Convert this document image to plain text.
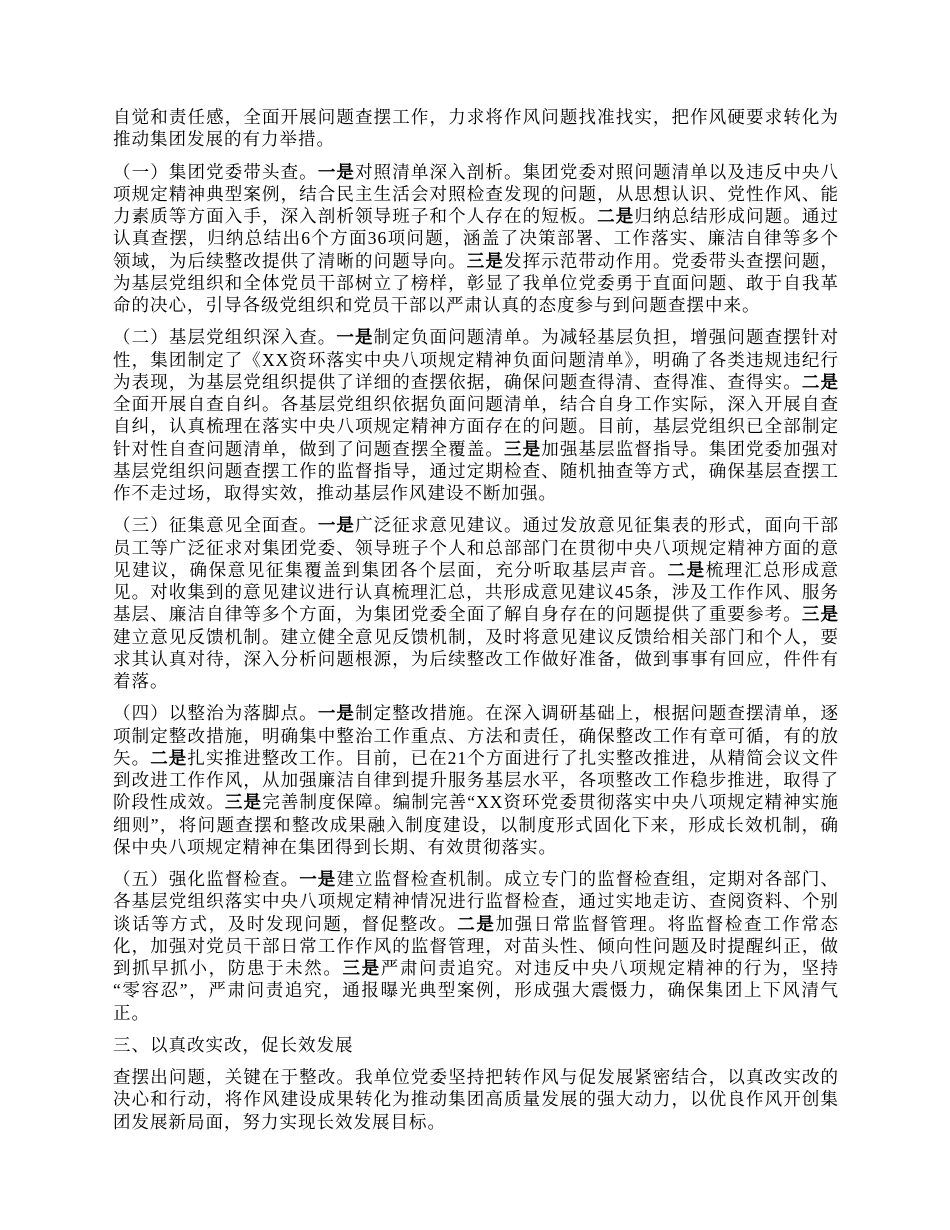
自觉和责任感，全面开展问题查摆工作，力求将作风问题找准找实，把作风硬要求转化为推动集团发展的有力举措。

（一）集团党委带头查。一是对照清单深入剖析。集团党委对照问题清单以及违反中央八项规定精神典型案例，结合民主生活会对照检查发现的问题，从思想认识、党性作风、能力素质等方面入手，深入剖析领导班子和个人存在的短板。二是归纳总结形成问题。通过认真查摆，归纳总结出6个方面36项问题，涵盖了决策部署、工作落实、廉洁自律等多个领域，为后续整改提供了清晰的问题导向。三是发挥示范带动作用。党委带头查摆问题，为基层党组织和全体党员干部树立了榜样，彰显了我单位党委勇于直面问题、敢于自我革命的决心，引导各级党组织和党员干部以严肃认真的态度参与到问题查摆中来。

（二）基层党组织深入查。一是制定负面问题清单。为减轻基层负担，增强问题查摆针对性，集团制定了《XX资环落实中央八项规定精神负面问题清单》，明确了各类违规违纪行为表现，为基层党组织提供了详细的查摆依据，确保问题查得清、查得准、查得实。二是全面开展自查自纠。各基层党组织依据负面问题清单，结合自身工作实际，深入开展自查自纠，认真梳理在落实中央八项规定精神方面存在的问题。目前，基层党组织已全部制定针对性自查问题清单，做到了问题查摆全覆盖。三是加强基层监督指导。集团党委加强对基层党组织问题查摆工作的监督指导，通过定期检查、随机抽查等方式，确保基层查摆工作不走过场，取得实效，推动基层作风建设不断加强。

（三）征集意见全面查。一是广泛征求意见建议。通过发放意见征集表的形式，面向干部员工等广泛征求对集团党委、领导班子个人和总部部门在贯彻中央八项规定精神方面的意见建议，确保意见征集覆盖到集团各个层面，充分听取基层声音。二是梳理汇总形成意见。对收集到的意见建议进行认真梳理汇总，共形成意见建议45条，涉及工作作风、服务基层、廉洁自律等多个方面，为集团党委全面了解自身存在的问题提供了重要参考。三是建立意见反馈机制。建立健全意见反馈机制，及时将意见建议反馈给相关部门和个人，要求其认真对待，深入分析问题根源，为后续整改工作做好准备，做到事事有回应，件件有着落。

（四）以整治为落脚点。一是制定整改措施。在深入调研基础上，根据问题查摆清单，逐项制定整改措施，明确集中整治工作重点、方法和责任，确保整改工作有章可循，有的放矢。二是扎实推进整改工作。目前，已在21个方面进行了扎实整改推进，从精简会议文件到改进工作作风，从加强廉洁自律到提升服务基层水平，各项整改工作稳步推进，取得了阶段性成效。三是完善制度保障。编制完善“XX资环党委贯彻落实中央八项规定精神实施细则”，将问题查摆和整改成果融入制度建设，以制度形式固化下来，形成长效机制，确保中央八项规定精神在集团得到长期、有效贯彻落实。

（五）强化监督检查。一是建立监督检查机制。成立专门的监督检查组，定期对各部门、各基层党组织落实中央八项规定精神情况进行监督检查，通过实地走访、查阅资料、个别谈话等方式，及时发现问题，督促整改。二是加强日常监督管理。将监督检查工作常态化，加强对党员干部日常工作作风的监督管理，对苗头性、倾向性问题及时提醒纠正，做到抓早抓小，防患于未然。三是严肃问责追究。对违反中央八项规定精神的行为，坚持“零容忍”，严肃问责追究，通报曝光典型案例，形成强大震慑力，确保集团上下风清气正。

三、以真改实改，促长效发展

查摆出问题，关键在于整改。我单位党委坚持把转作风与促发展紧密结合，以真改实改的决心和行动，将作风建设成果转化为推动集团高质量发展的强大动力，以优良作风开创集团发展新局面，努力实现长效发展目标。
